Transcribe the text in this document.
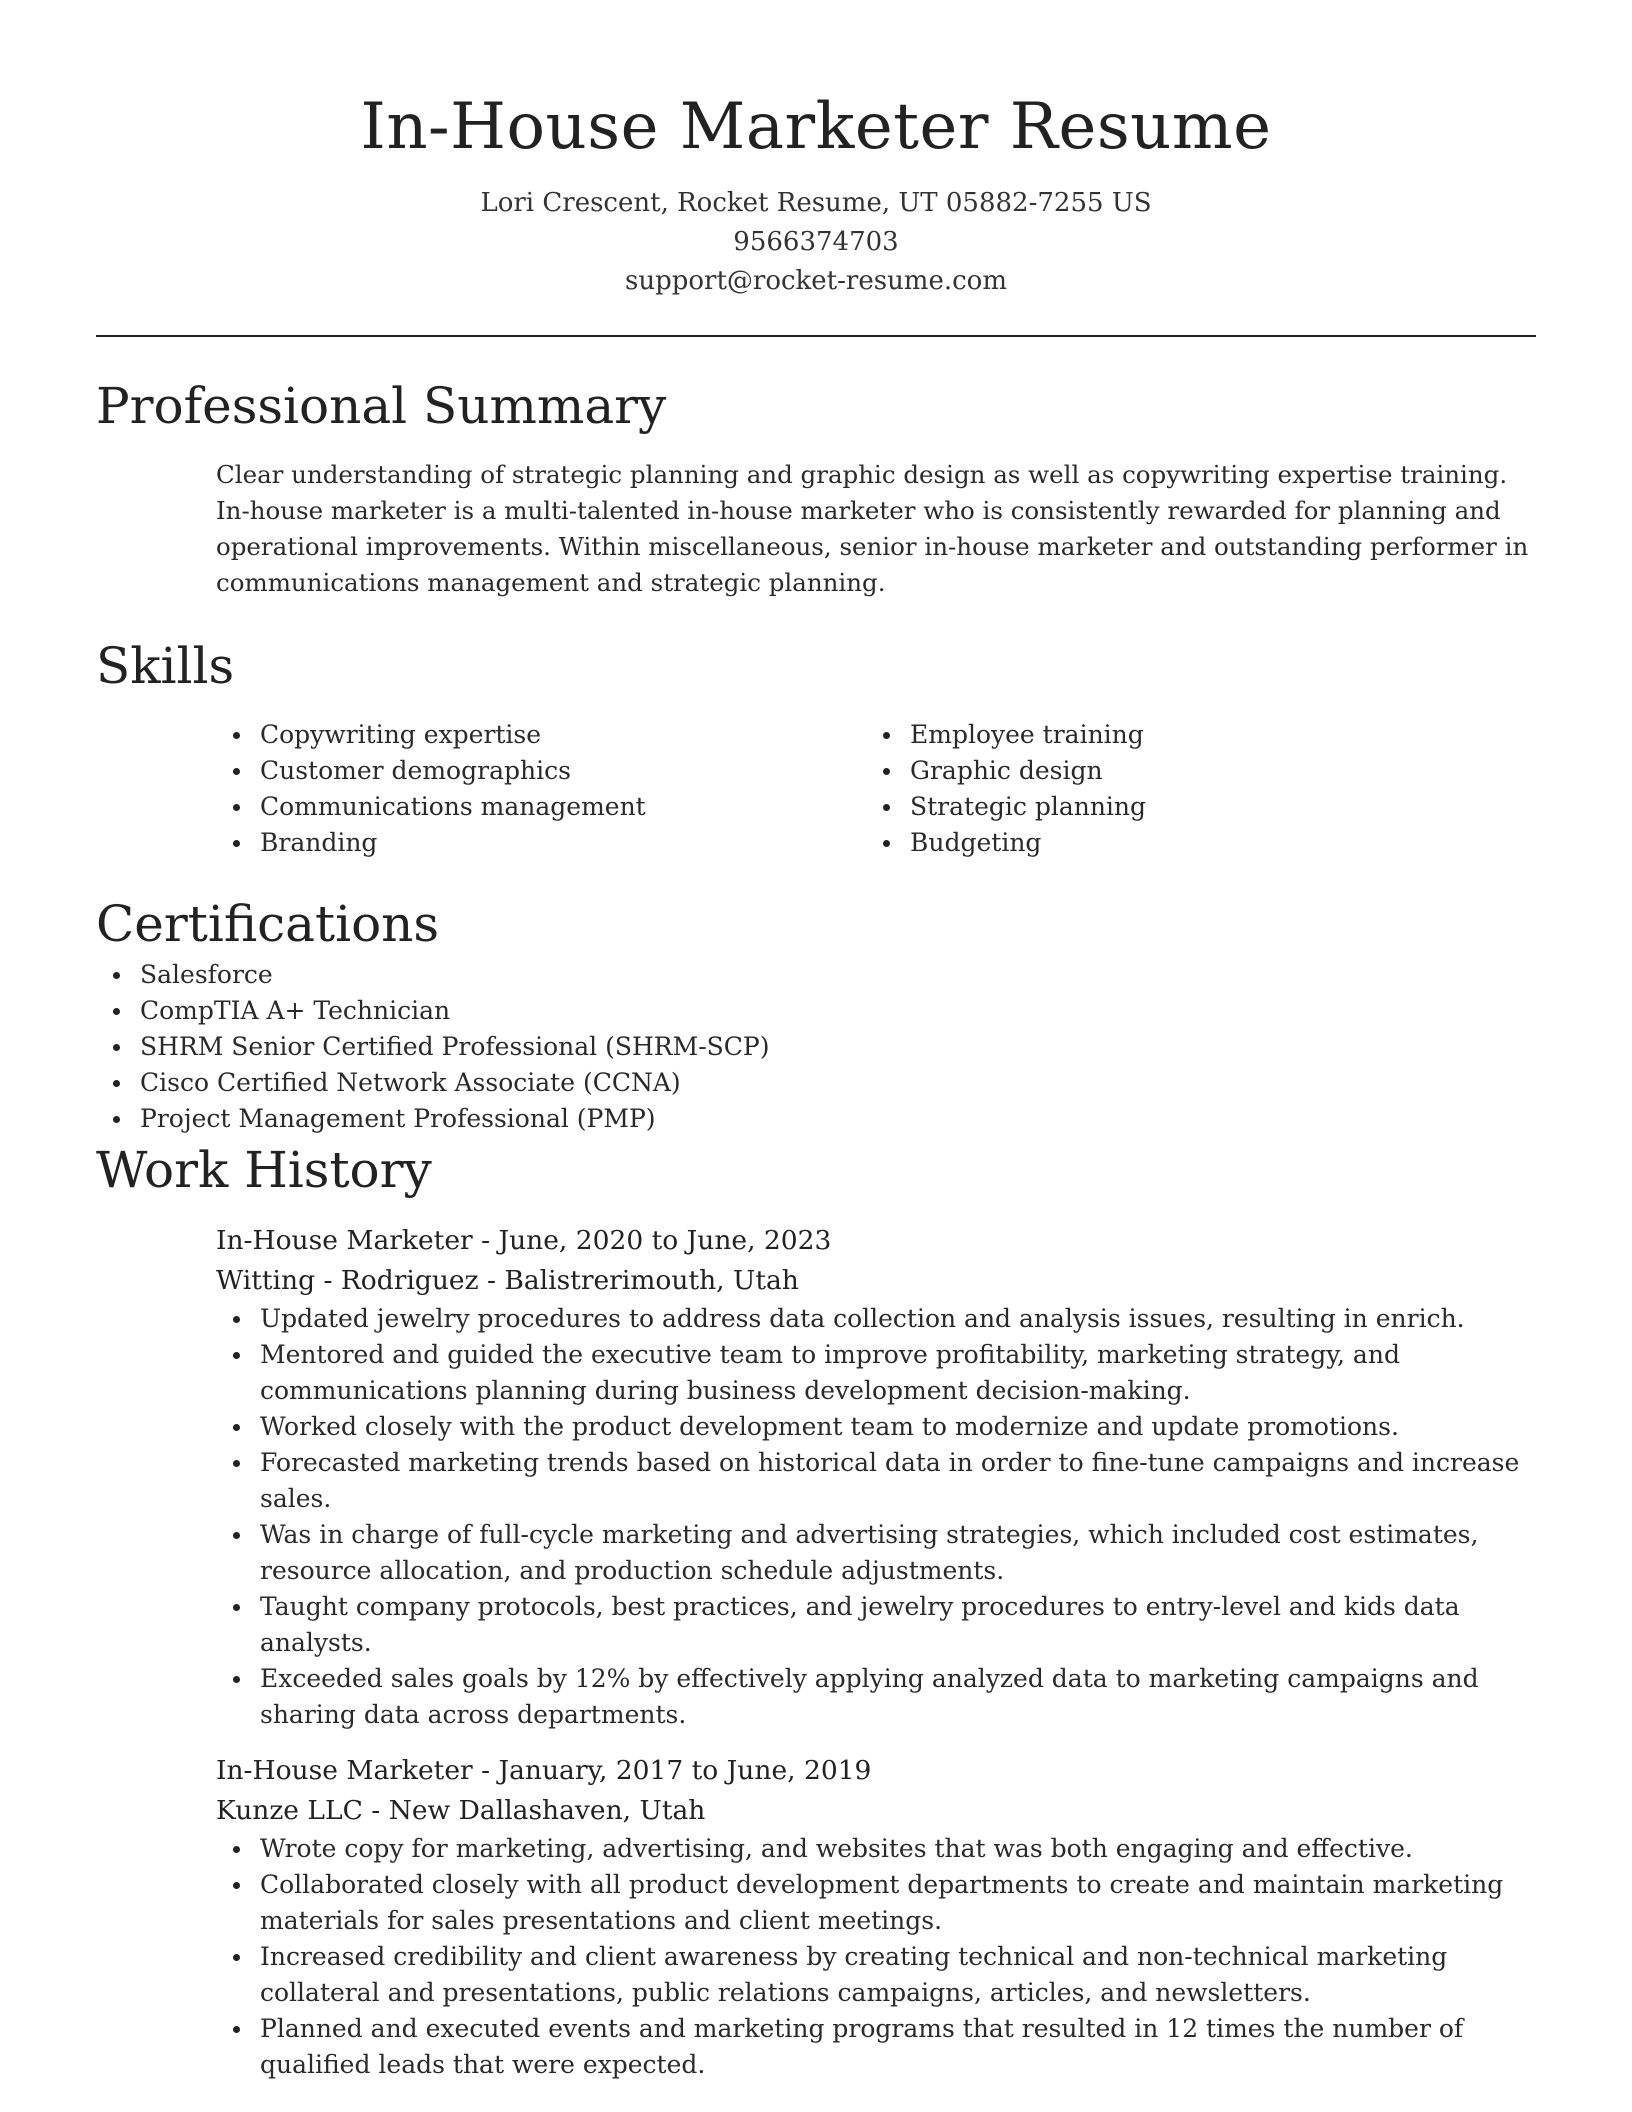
In-House Marketer Resume

Lori Crescent, Rocket Resume, UT 05882-7255 US

9566374703

support@rocket-resume.com

Professional Summary

Clear understanding of strategic planning and graphic design as well as copywriting expertise training. In-house marketer is a multi-talented in-house marketer who is consistently rewarded for planning and operational improvements. Within miscellaneous, senior in-house marketer and outstanding performer in communications management and strategic planning.

Skills
Copywriting expertise
Customer demographics
Communications management
Branding
Employee training
Graphic design
Strategic planning
Budgeting
Certifications
Salesforce
CompTIA A+ Technician
SHRM Senior Certified Professional (SHRM-SCP)
Cisco Certified Network Associate (CCNA)
Project Management Professional (PMP)
Work History
In-House Marketer - June, 2020 to June, 2023
Witting - Rodriguez - Balistrerimouth, Utah
Updated jewelry procedures to address data collection and analysis issues, resulting in enrich.
Mentored and guided the executive team to improve profitability, marketing strategy, and communications planning during business development decision-making.
Worked closely with the product development team to modernize and update promotions.
Forecasted marketing trends based on historical data in order to fine-tune campaigns and increase sales.
Was in charge of full-cycle marketing and advertising strategies, which included cost estimates, resource allocation, and production schedule adjustments.
Taught company protocols, best practices, and jewelry procedures to entry-level and kids data analysts.
Exceeded sales goals by 12% by effectively applying analyzed data to marketing campaigns and sharing data across departments.
In-House Marketer - January, 2017 to June, 2019
Kunze LLC - New Dallashaven, Utah
Wrote copy for marketing, advertising, and websites that was both engaging and effective.
Collaborated closely with all product development departments to create and maintain marketing materials for sales presentations and client meetings.
Increased credibility and client awareness by creating technical and non-technical marketing collateral and presentations, public relations campaigns, articles, and newsletters.
Planned and executed events and marketing programs that resulted in 12 times the number of qualified leads that were expected.
